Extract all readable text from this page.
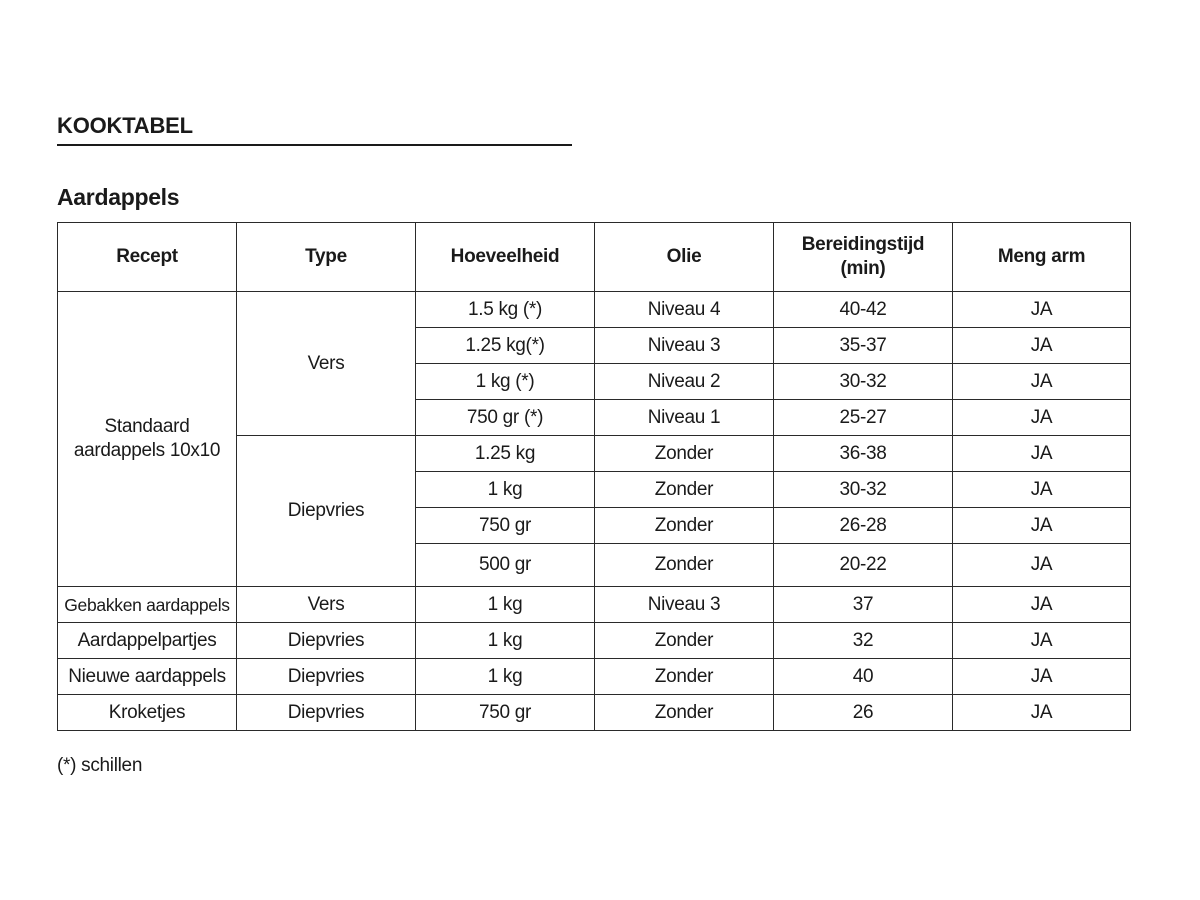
KOOKTABEL
Aardappels
Recept	Type	Hoeveelheid	Olie	Bereidingstijd
(min)	Meng arm
Standaard
aardappels 10x10	Vers	1.5 kg (*)	Niveau 4	40-42	JA
		1.25 kg(*)	Niveau 3	35-37	JA
		1 kg (*)	Niveau 2	30-32	JA
		750 gr (*)	Niveau 1	25-27	JA
	Diepvries	1.25 kg	Zonder	36-38	JA
		1 kg	Zonder	30-32	JA
		750 gr	Zonder	26-28	JA
		500 gr	Zonder	20-22	JA
Gebakken aardappels	Vers	1 kg	Niveau 3	37	JA
Aardappelpartjes	Diepvries	1 kg	Zonder	32	JA
Nieuwe aardappels	Diepvries	1 kg	Zonder	40	JA
Kroketjes	Diepvries	750 gr	Zonder	26	JA
(*) schillen
